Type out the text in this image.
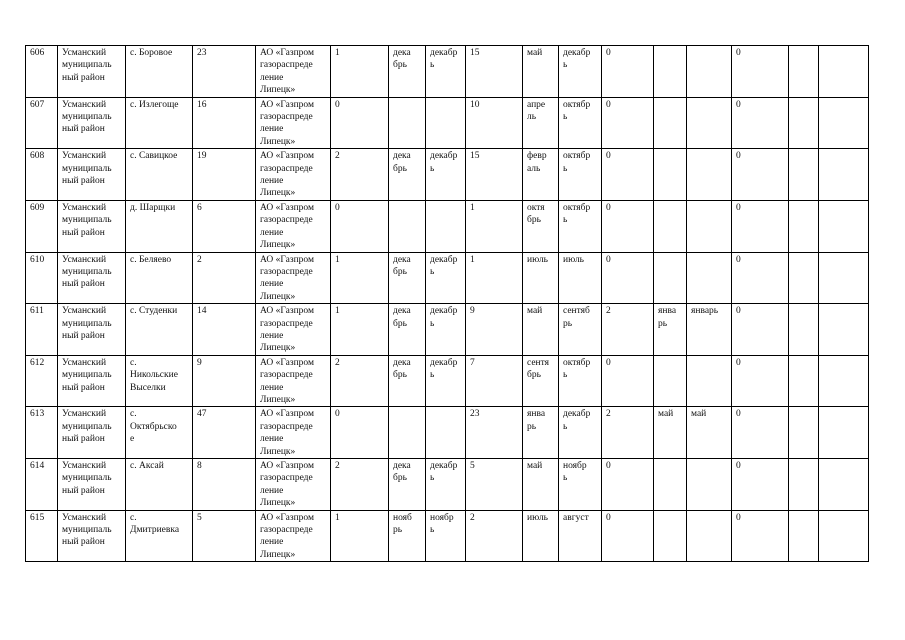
606	Усманский
муниципаль
ный район	с. Боровое	23	АО «Газпром
газораспреде
ление
Липецк»	1	дека
брь	декабр
ь	15	май	декабр
ь	0			0		
607	Усманский
муниципаль
ный район	с. Излегоще	16	АО «Газпром
газораспреде
ление
Липецк»	0			10	апре
ль	октябр
ь	0			0		
608	Усманский
муниципаль
ный район	с. Савицкое	19	АО «Газпром
газораспреде
ление
Липецк»	2	дека
брь	декабр
ь	15	февр
аль	октябр
ь	0			0		
609	Усманский
муниципаль
ный район	д. Шарщки	6	АО «Газпром
газораспреде
ление
Липецк»	0			1	октя
брь	октябр
ь	0			0		
610	Усманский
муниципаль
ный район	с. Беляево	2	АО «Газпром
газораспреде
ление
Липецк»	1	дека
брь	декабр
ь	1	июль	июль	0			0		
611	Усманский
муниципаль
ный район	с. Студенки	14	АО «Газпром
газораспреде
ление
Липецк»	1	дека
брь	декабр
ь	9	май	сентяб
рь	2	янва
рь	январь	0		
612	Усманский
муниципаль
ный район	с.
Никольские
Выселки	9	АО «Газпром
газораспреде
ление
Липецк»	2	дека
брь	декабр
ь	7	сентя
брь	октябр
ь	0			0		
613	Усманский
муниципаль
ный район	с.
Октябрьско
е	47	АО «Газпром
газораспреде
ление
Липецк»	0			23	янва
рь	декабр
ь	2	май	май	0		
614	Усманский
муниципаль
ный район	с. Аксай	8	АО «Газпром
газораспреде
ление
Липецк»	2	дека
брь	декабр
ь	5	май	ноябр
ь	0			0		
615	Усманский
муниципаль
ный район	с.
Дмитриевка	5	АО «Газпром
газораспреде
ление
Липецк»	1	нояб
рь	ноябр
ь	2	июль	август	0			0		
